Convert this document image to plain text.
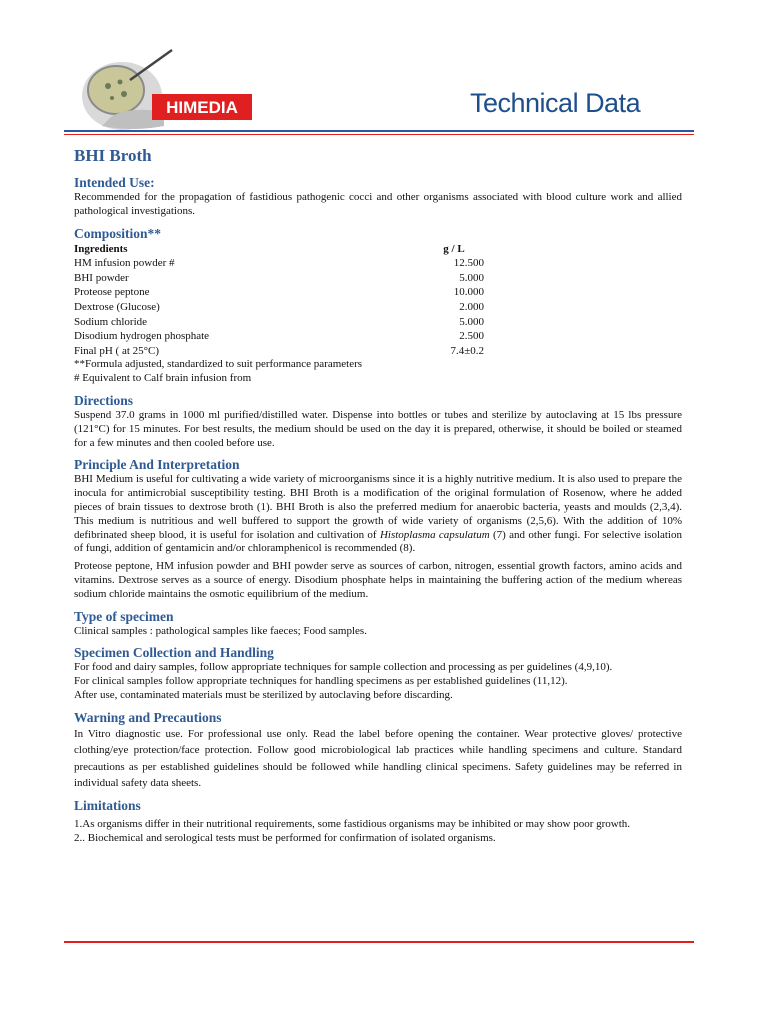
HIMEDIA	Technical Data
BHI Broth
Intended Use:

Recommended for the propagation of fastidious pathogenic cocci and other organisms associated with blood culture work and allied pathological investigations.

Composition**
Ingredients	g / L
HM infusion powder #	12.500
BHI powder	5.000
Proteose peptone	10.000
Dextrose (Glucose)	2.000
Sodium chloride	5.000
Disodium hydrogen phosphate	2.500
Final pH ( at 25°C)	7.4±0.2

**Formula adjusted, standardized to suit performance parameters

# Equivalent to Calf brain infusion from

Directions

Suspend 37.0 grams in 1000 ml purified/distilled water. Dispense into bottles or tubes and sterilize by autoclaving at 15 lbs pressure (121°C) for 15 minutes. For best results, the medium should be used on the day it is prepared, otherwise, it should be boiled or steamed for a few minutes and then cooled before use.

Principle And Interpretation

BHI Medium is useful for cultivating a wide variety of microorganisms since it is a highly nutritive medium. It is also used to prepare the inocula for antimicrobial susceptibility testing. BHI Broth is a modification of the original formulation of Rosenow, where he added pieces of brain tissues to dextrose broth (1). BHI Broth is also the preferred medium for anaerobic bacteria, yeasts and moulds (2,3,4). This medium is nutritious and well buffered to support the growth of wide variety of organisms (2,5,6). With the addition of 10% defibrinated sheep blood, it is useful for isolation and cultivation of Histoplasma capsulatum (7) and other fungi. For selective isolation of fungi, addition of gentamicin and/or chloramphenicol is recommended (8).

Proteose peptone, HM infusion powder and BHI powder serve as sources of carbon, nitrogen, essential growth factors, amino acids and vitamins. Dextrose serves as a source of energy. Disodium phosphate helps in maintaining the buffering action of the medium whereas sodium chloride maintains the osmotic equilibrium of the medium.

Type of specimen

Clinical samples : pathological samples like faeces; Food samples.

Specimen Collection and Handling

For food and dairy samples, follow appropriate techniques for sample collection and processing as per guidelines (4,9,10).

For clinical samples follow appropriate techniques for handling specimens as per established guidelines (11,12).

After use, contaminated materials must be sterilized by autoclaving before discarding.

Warning and Precautions

In Vitro diagnostic use. For professional use only. Read the label before opening the container. Wear protective gloves/ protective clothing/eye protection/face protection. Follow good microbiological lab practices while handling specimens and culture. Standard precautions as per established guidelines should be followed while handling clinical specimens. Safety guidelines may be referred in individual safety data sheets.

Limitations
1.As organisms differ in their nutritional requirements, some fastidious organisms may be inhibited or may show poor growth.
2.. Biochemical and serological tests must be performed for confirmation of isolated organisms.
